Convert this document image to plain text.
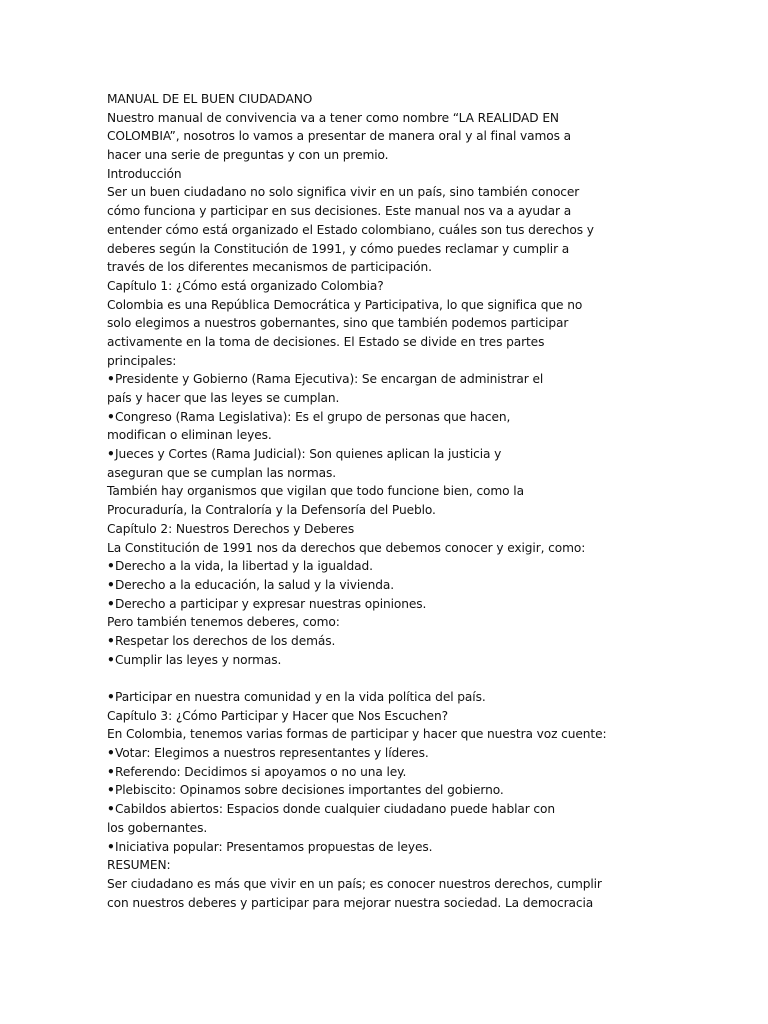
MANUAL DE EL BUEN CIUDADANO
Nuestro manual de convivencia va a tener como nombre “LA REALIDAD EN
COLOMBIA”, nosotros lo vamos a presentar de manera oral y al final vamos a
hacer una serie de preguntas y con un premio.
Introducción
Ser un buen ciudadano no solo significa vivir en un país, sino también conocer
cómo funciona y participar en sus decisiones. Este manual nos va a ayudar a
entender cómo está organizado el Estado colombiano, cuáles son tus derechos y
deberes según la Constitución de 1991, y cómo puedes reclamar y cumplir a
través de los diferentes mecanismos de participación.
Capítulo 1: ¿Cómo está organizado Colombia?
Colombia es una República Democrática y Participativa, lo que significa que no
solo elegimos a nuestros gobernantes, sino que también podemos participar
activamente en la toma de decisiones. El Estado se divide en tres partes
principales:
• Presidente y Gobierno (Rama Ejecutiva): Se encargan de administrar el
país y hacer que las leyes se cumplan.
• Congreso (Rama Legislativa): Es el grupo de personas que hacen,
modifican o eliminan leyes.
• Jueces y Cortes (Rama Judicial): Son quienes aplican la justicia y
aseguran que se cumplan las normas.
También hay organismos que vigilan que todo funcione bien, como la
Procuraduría, la Contraloría y la Defensoría del Pueblo.
Capítulo 2: Nuestros Derechos y Deberes
La Constitución de 1991 nos da derechos que debemos conocer y exigir, como:
• Derecho a la vida, la libertad y la igualdad.
• Derecho a la educación, la salud y la vivienda.
• Derecho a participar y expresar nuestras opiniones.
Pero también tenemos deberes, como:
• Respetar los derechos de los demás.
• Cumplir las leyes y normas.
• Participar en nuestra comunidad y en la vida política del país.
Capítulo 3: ¿Cómo Participar y Hacer que Nos Escuchen?
En Colombia, tenemos varias formas de participar y hacer que nuestra voz cuente:
• Votar: Elegimos a nuestros representantes y líderes.
• Referendo: Decidimos si apoyamos o no una ley.
• Plebiscito: Opinamos sobre decisiones importantes del gobierno.
• Cabildos abiertos: Espacios donde cualquier ciudadano puede hablar con
los gobernantes.
• Iniciativa popular: Presentamos propuestas de leyes.
RESUMEN:
Ser ciudadano es más que vivir en un país; es conocer nuestros derechos, cumplir
con nuestros deberes y participar para mejorar nuestra sociedad. La democracia
